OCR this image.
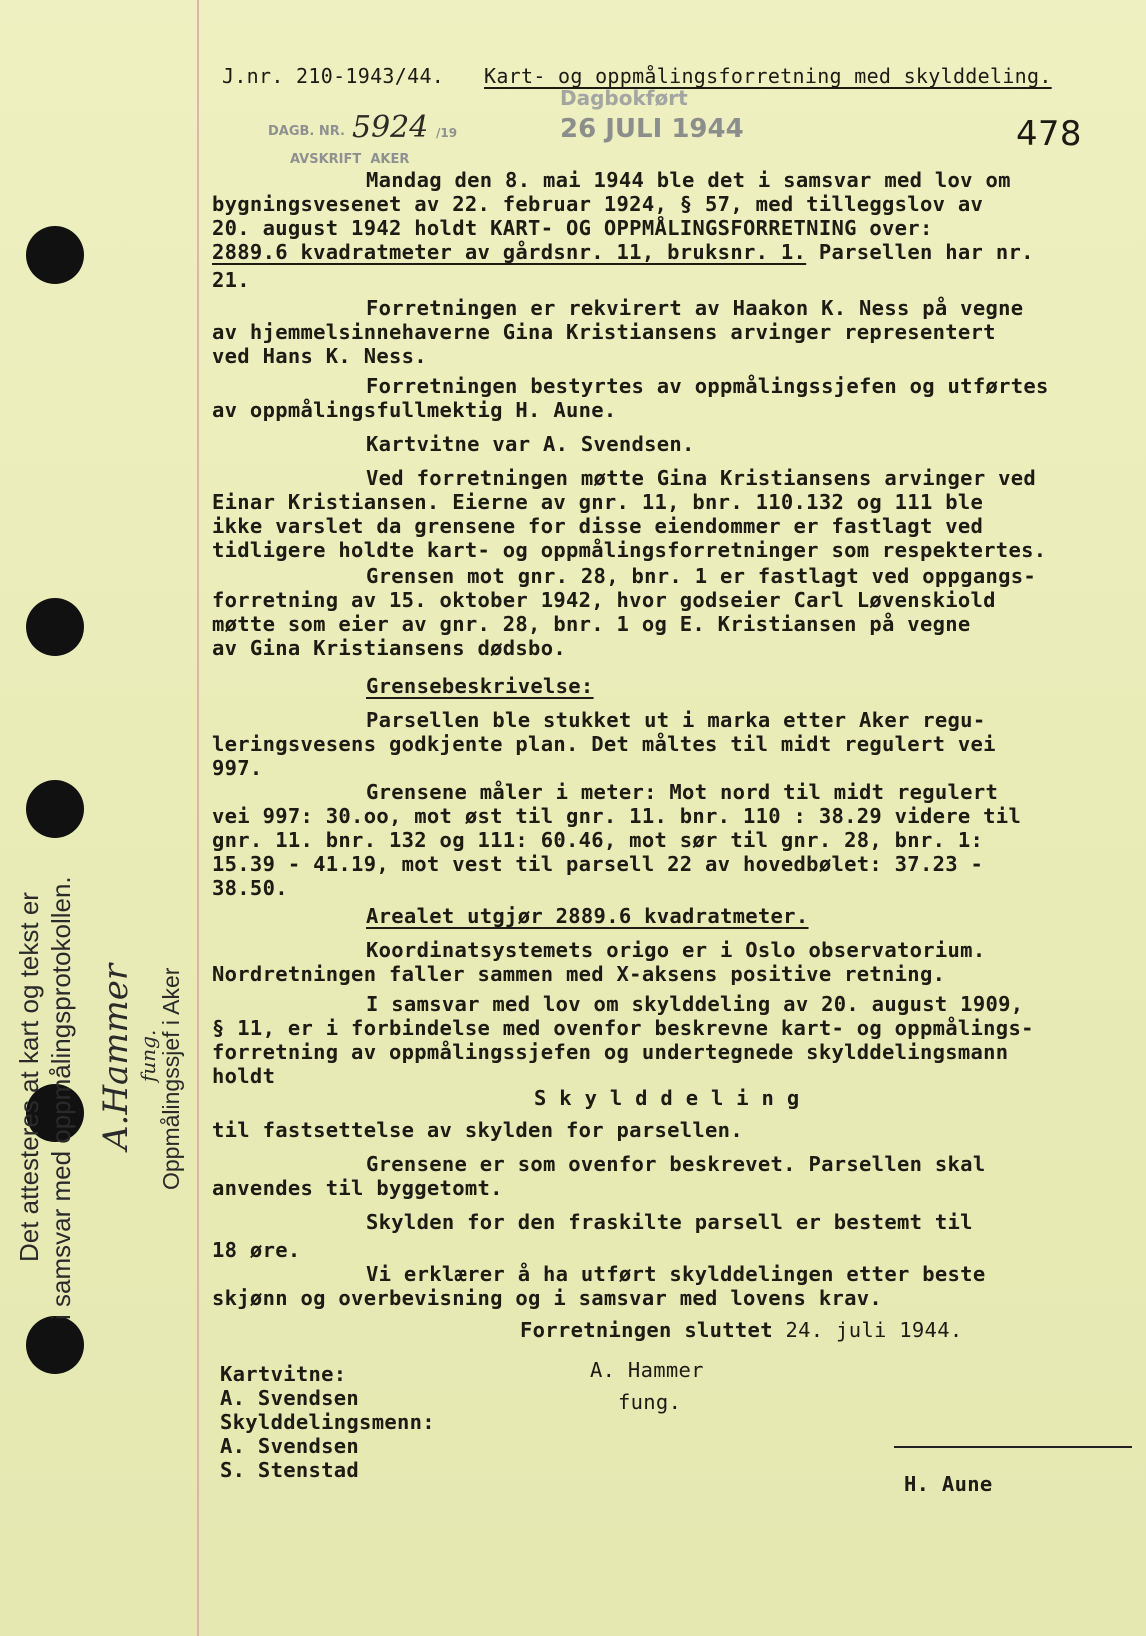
J.nr. 210-1943/44. Kart- og oppmålingsforretning med skylddeling.
478
Dagbokført
26 JULI 1944
DAGB. NR. 5924 /19
AVSKRIFT  AKER
Det attesteres at kart og tekst er i samsvar med oppmålingsprotokollen.	Oppmålingssjef i Aker
A.Hammer fung.
Mandag den 8. mai 1944 ble det i samsvar med lov om
bygningsvesenet av 22. februar 1924, § 57, med tilleggslov av
20. august 1942 holdt KART- OG OPPMÅLINGSFORRETNING over:
2889.6 kvadratmeter av gårdsnr. 11, bruksnr. 1. Parsellen har nr.
21.
Forretningen er rekvirert av Haakon K. Ness på vegne
av hjemmelsinnehaverne Gina Kristiansens arvinger representert
ved Hans K. Ness.
Forretningen bestyrtes av oppmålingssjefen og utførtes
av oppmålingsfullmektig H. Aune.
Kartvitne var A. Svendsen.
Ved forretningen møtte Gina Kristiansens arvinger ved
Einar Kristiansen. Eierne av gnr. 11, bnr. 110.132 og 111 ble
ikke varslet da grensene for disse eiendommer er fastlagt ved
tidligere holdte kart- og oppmålingsforretninger som respektertes.
Grensen mot gnr. 28, bnr. 1 er fastlagt ved oppgangs-
forretning av 15. oktober 1942, hvor godseier Carl Løvenskiold
møtte som eier av gnr. 28, bnr. 1 og E. Kristiansen på vegne
av Gina Kristiansens dødsbo.
Grensebeskrivelse:
Parsellen ble stukket ut i marka etter Aker regu-
leringsvesens godkjente plan. Det måltes til midt regulert vei
997.
Grensene måler i meter: Mot nord til midt regulert
vei 997: 30.oo, mot øst til gnr. 11. bnr. 110 : 38.29 videre til
gnr. 11. bnr. 132 og 111: 60.46, mot sør til gnr. 28, bnr. 1:
15.39 - 41.19, mot vest til parsell 22 av hovedbølet: 37.23 -
38.50.
Arealet utgjør 2889.6 kvadratmeter.
Koordinatsystemets origo er i Oslo observatorium.
Nordretningen faller sammen med X-aksens positive retning.
I samsvar med lov om skylddeling av 20. august 1909,
§ 11, er i forbindelse med ovenfor beskrevne kart- og oppmålings-
forretning av oppmålingssjefen og undertegnede skylddelingsmann
holdt
S k y l d d e l i n g
til fastsettelse av skylden for parsellen.
Grensene er som ovenfor beskrevet. Parsellen skal
anvendes til byggetomt.
Skylden for den fraskilte parsell er bestemt til
18 øre.
Vi erklærer å ha utført skylddelingen etter beste
skjønn og overbevisning og i samsvar med lovens krav.
Forretningen sluttet 24. juli 1944.
Kartvitne:
A. Svendsen
Skylddelingsmenn:
A. Svendsen
S. Stenstad
A. Hammer
fung.
H. Aune
